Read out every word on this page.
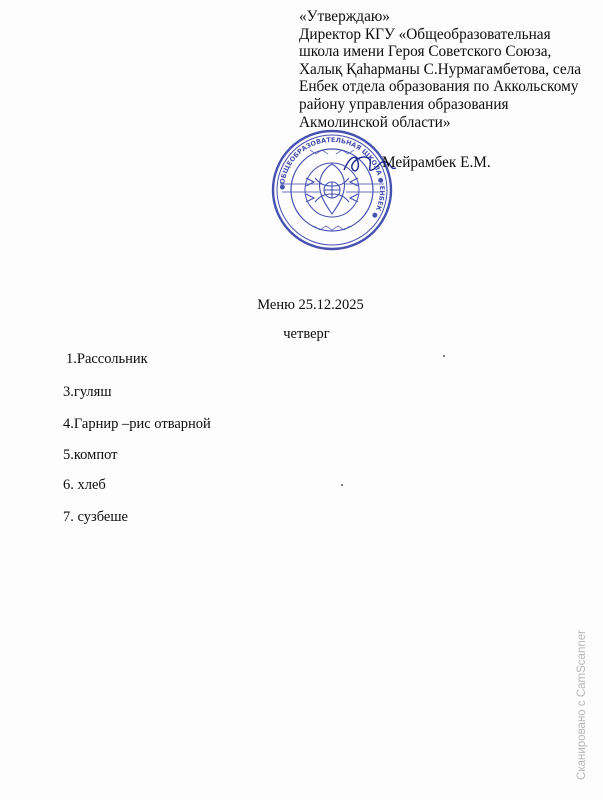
«Утверждаю»
Директор КГУ «Общеобразовательная
школа имени Героя Советского Союза,
Халық Қаһарманы С.Нурмагамбетова, села
Енбек отдела образования по Аккольскому
району управления образования
Акмолинской области»
●ОБЩЕОБРАЗОВАТЕЛЬНАЯ ШКОЛА ● ЕНБЕК ●
Мейрамбек Е.М.
Меню 25.12.2025
четверг
1.Рассольник
3.гуляш
4.Гарнир –рис отварной
5.компот
6. хлеб
7. сузбеше
Сканировано с CamScanner
